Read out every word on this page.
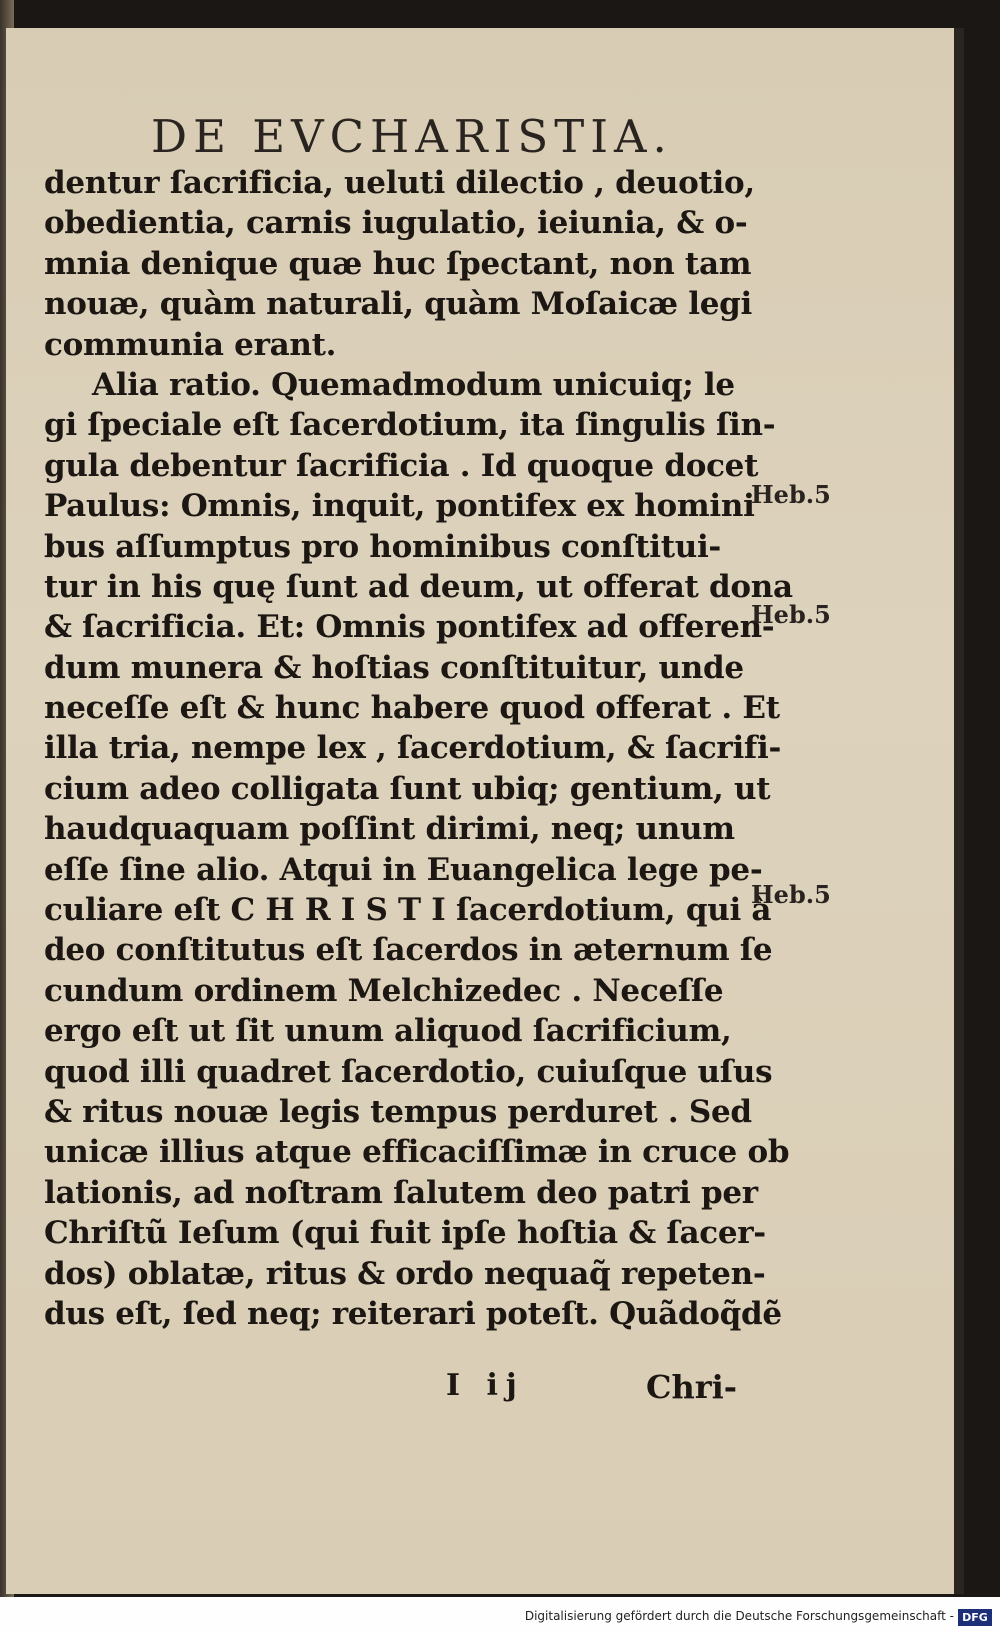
DE EVCHARISTIA.
dentur ſacrificia, ueluti dilectio , deuotio,
obedientia, carnis iugulatio, ieiunia, & o-
mnia denique quæ huc ſpectant, non tam
nouæ, quàm naturali, quàm Moſaicæ legi
communia erant.
Alia ratio. Quemadmodum unicuiq; le
gi ſpeciale eſt ſacerdotium, ita ſingulis ſin-
gula debentur ſacrificia . Id quoque docet
Paulus: Omnis, inquit, pontifex ex homini
bus aſſumptus pro hominibus conſtitui-
tur in his quę ſunt ad deum, ut offerat dona
& ſacrificia. Et: Omnis pontifex ad offeren-
dum munera & hoſtias conſtituitur, unde
neceſſe eſt & hunc habere quod offerat . Et
illa tria, nempe lex , ſacerdotium, & ſacrifi-
cium adeo colligata ſunt ubiq; gentium, ut
haudquaquam poſſint dirimi, neq; unum
eſſe ſine alio. Atqui in Euangelica lege pe-
culiare eſt C H R I S T I ſacerdotium, qui à
deo conſtitutus eſt ſacerdos in æternum ſe
cundum ordinem Melchizedec . Neceſſe
ergo eſt ut ſit unum aliquod ſacrificium,
quod illi quadret ſacerdotio, cuiuſque uſus
& ritus nouæ legis tempus perduret . Sed
unicæ illius atque efficaciſſimæ in cruce ob
lationis, ad noſtram ſalutem deo patri per
Chriſtũ Ieſum (qui fuit ipſe hoſtia & ſacer-
dos) oblatæ, ritus & ordo nequaq̃ repeten-
dus eſt, ſed neq; reiterari poteſt. Quãdoq̃dẽ
Heb.5
Heb.5
Heb.5
I ij	Chri-
Digitalisierung gefördert durch die Deutsche Forschungsgemeinschaft - DFG
